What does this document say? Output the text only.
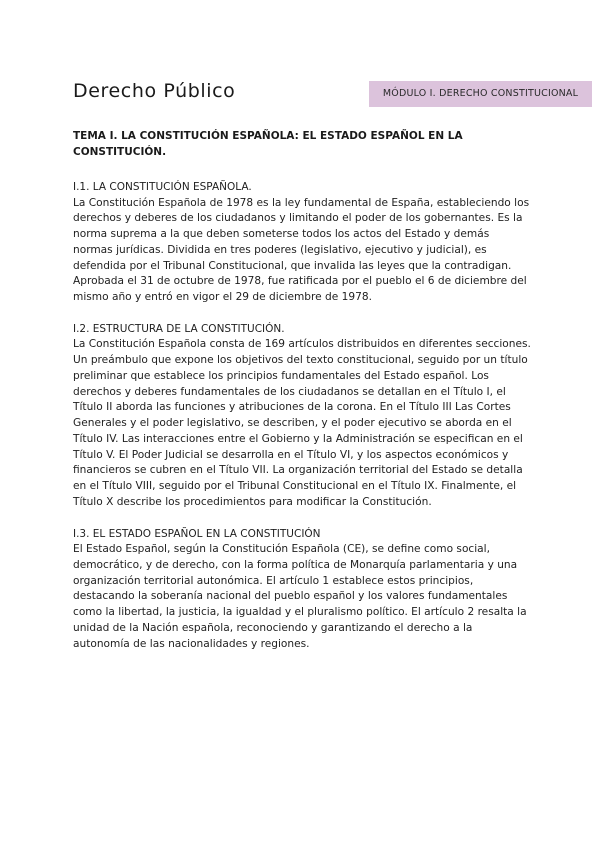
Derecho Público	MÓDULO I. DERECHO CONSTITUCIONAL

TEMA I. LA CONSTITUCIÓN ESPAÑOLA: EL ESTADO ESPAÑOL EN LA CONSTITUCIÓN.

I.1. LA CONSTITUCIÓN ESPAÑOLA.

La Constitución Española de 1978 es la ley fundamental de España, estableciendo los derechos y deberes de los ciudadanos y limitando el poder de los gobernantes. Es la norma suprema a la que deben someterse todos los actos del Estado y demás normas jurídicas. Dividida en tres poderes (legislativo, ejecutivo y judicial), es defendida por el Tribunal Constitucional, que invalida las leyes que la contradigan. Aprobada el 31 de octubre de 1978, fue ratificada por el pueblo el 6 de diciembre del mismo año y entró en vigor el 29 de diciembre de 1978.

I.2. ESTRUCTURA DE LA CONSTITUCIÓN.

La Constitución Española consta de 169 artículos distribuidos en diferentes secciones. Un preámbulo que expone los objetivos del texto constitucional, seguido por un título preliminar que establece los principios fundamentales del Estado español. Los derechos y deberes fundamentales de los ciudadanos se detallan en el Título I, el Título II aborda las funciones y atribuciones de la corona. En el Título III Las Cortes Generales y el poder legislativo, se describen, y el poder ejecutivo se aborda en el Título IV. Las interacciones entre el Gobierno y la Administración se especifican en el Título V. El Poder Judicial se desarrolla en el Título VI, y los aspectos económicos y financieros se cubren en el Título VII. La organización territorial del Estado se detalla en el Título VIII, seguido por el Tribunal Constitucional en el Título IX. Finalmente, el Título X describe los procedimientos para modificar la Constitución.

I.3. EL ESTADO ESPAÑOL EN LA CONSTITUCIÓN

El Estado Español, según la Constitución Española (CE), se define como social, democrático, y de derecho, con la forma política de Monarquía parlamentaria y una organización territorial autonómica. El artículo 1 establece estos principios, destacando la soberanía nacional del pueblo español y los valores fundamentales como la libertad, la justicia, la igualdad y el pluralismo político. El artículo 2 resalta la unidad de la Nación española, reconociendo y garantizando el derecho a la autonomía de las nacionalidades y regiones.
